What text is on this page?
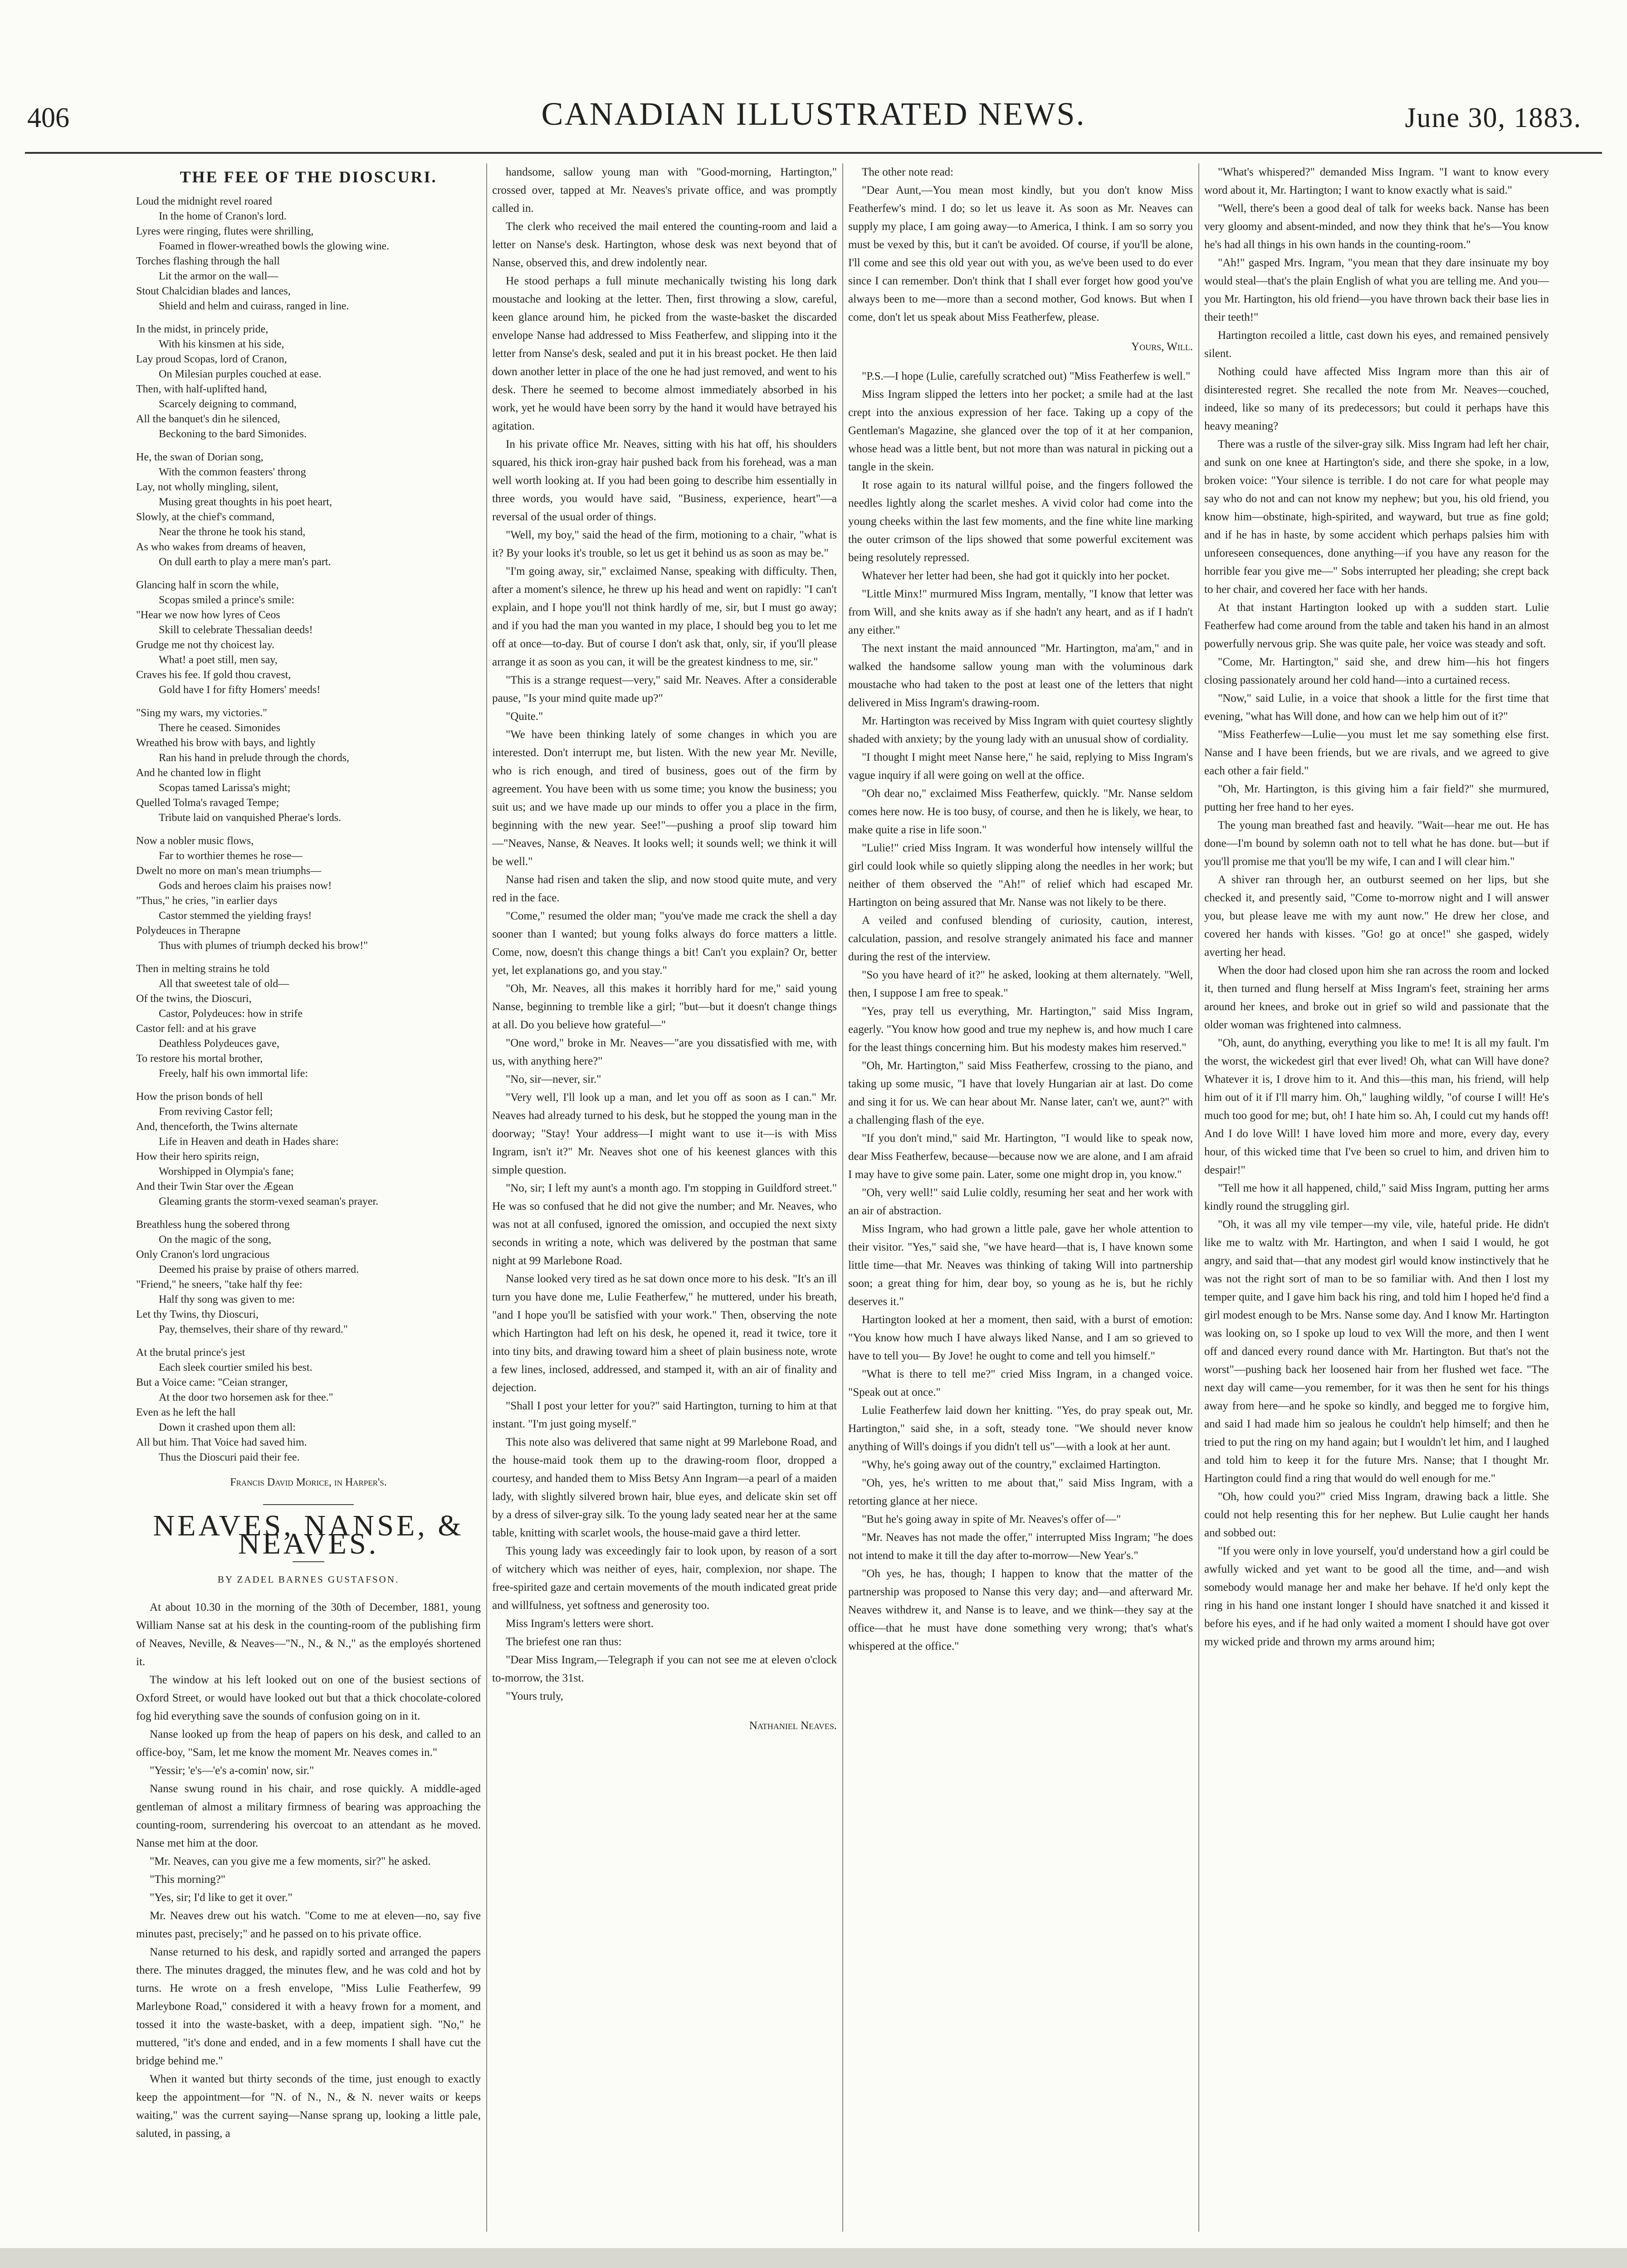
406	CANADIAN ILLUSTRATED NEWS.	June 30, 1883.
THE FEE OF THE DIOSCURI.

Loud the midnight revel roared

In the home of Cranon's lord.

Lyres were ringing, flutes were shrilling,

Foamed in flower-wreathed bowls the glowing wine.

Torches flashing through the hall

Lit the armor on the wall—

Stout Chalcidian blades and lances,

Shield and helm and cuirass, ranged in line.

In the midst, in princely pride,

With his kinsmen at his side,

Lay proud Scopas, lord of Cranon,

On Milesian purples couched at ease.

Then, with half-uplifted hand,

Scarcely deigning to command,

All the banquet's din he silenced,

Beckoning to the bard Simonides.

He, the swan of Dorian song,

With the common feasters' throng

Lay, not wholly mingling, silent,

Musing great thoughts in his poet heart,

Slowly, at the chief's command,

Near the throne he took his stand,

As who wakes from dreams of heaven,

On dull earth to play a mere man's part.

Glancing half in scorn the while,

Scopas smiled a prince's smile:

"Hear we now how lyres of Ceos

Skill to celebrate Thessalian deeds!

Grudge me not thy choicest lay.

What! a poet still, men say,

Craves his fee. If gold thou cravest,

Gold have I for fifty Homers' meeds!

"Sing my wars, my victories."

There he ceased. Simonides

Wreathed his brow with bays, and lightly

Ran his hand in prelude through the chords,

And he chanted low in flight

Scopas tamed Larissa's might;

Quelled Tolma's ravaged Tempe;

Tribute laid on vanquished Pherae's lords.

Now a nobler music flows,

Far to worthier themes he rose—

Dwelt no more on man's mean triumphs—

Gods and heroes claim his praises now!

"Thus," he cries, "in earlier days

Castor stemmed the yielding frays!

Polydeuces in Therapne

Thus with plumes of triumph decked his brow!"

Then in melting strains he told

All that sweetest tale of old—

Of the twins, the Dioscuri,

Castor, Polydeuces: how in strife

Castor fell: and at his grave

Deathless Polydeuces gave,

To restore his mortal brother,

Freely, half his own immortal life:

How the prison bonds of hell

From reviving Castor fell;

And, thenceforth, the Twins alternate

Life in Heaven and death in Hades share:

How their hero spirits reign,

Worshipped in Olympia's fane;

And their Twin Star over the Ægean

Gleaming grants the storm-vexed seaman's prayer.

Breathless hung the sobered throng

On the magic of the song,

Only Cranon's lord ungracious

Deemed his praise by praise of others marred.

"Friend," he sneers, "take half thy fee:

Half thy song was given to me:

Let thy Twins, thy Dioscuri,

Pay, themselves, their share of thy reward."

At the brutal prince's jest

Each sleek courtier smiled his best.

But a Voice came: "Ceian stranger,

At the door two horsemen ask for thee."

Even as he left the hall

Down it crashed upon them all:

All but him. That Voice had saved him.

Thus the Dioscuri paid their fee.

Francis David Morice, in Harper's.
NEAVES, NANSE, & NEAVES.
BY ZADEL BARNES GUSTAFSON.

At about 10.30 in the morning of the 30th of December, 1881, young William Nanse sat at his desk in the counting-room of the publishing firm of Neaves, Neville, & Neaves—"N., N., & N.," as the employés shortened it.

The window at his left looked out on one of the busiest sections of Oxford Street, or would have looked out but that a thick chocolate-colored fog hid everything save the sounds of confusion going on in it.

Nanse looked up from the heap of papers on his desk, and called to an office-boy, "Sam, let me know the moment Mr. Neaves comes in."

"Yessir; 'e's—'e's a-comin' now, sir."

Nanse swung round in his chair, and rose quickly. A middle-aged gentleman of almost a military firmness of bearing was approaching the counting-room, surrendering his overcoat to an attendant as he moved. Nanse met him at the door.

"Mr. Neaves, can you give me a few moments, sir?" he asked.

"This morning?"

"Yes, sir; I'd like to get it over."

Mr. Neaves drew out his watch. "Come to me at eleven—no, say five minutes past, precisely;" and he passed on to his private office.

Nanse returned to his desk, and rapidly sorted and arranged the papers there. The minutes dragged, the minutes flew, and he was cold and hot by turns. He wrote on a fresh envelope, "Miss Lulie Featherfew, 99 Marleybone Road," considered it with a heavy frown for a moment, and tossed it into the waste-basket, with a deep, impatient sigh. "No," he muttered, "it's done and ended, and in a few moments I shall have cut the bridge behind me."

When it wanted but thirty seconds of the time, just enough to exactly keep the appointment—for "N. of N., N., & N. never waits or keeps waiting," was the current saying—Nanse sprang up, looking a little pale, saluted, in passing, a

handsome, sallow young man with "Good-morning, Hartington," crossed over, tapped at Mr. Neaves's private office, and was promptly called in.

The clerk who received the mail entered the counting-room and laid a letter on Nanse's desk. Hartington, whose desk was next beyond that of Nanse, observed this, and drew indolently near.

He stood perhaps a full minute mechanically twisting his long dark moustache and looking at the letter. Then, first throwing a slow, careful, keen glance around him, he picked from the waste-basket the discarded envelope Nanse had addressed to Miss Featherfew, and slipping into it the letter from Nanse's desk, sealed and put it in his breast pocket. He then laid down another letter in place of the one he had just removed, and went to his desk. There he seemed to become almost immediately absorbed in his work, yet he would have been sorry by the hand it would have betrayed his agitation.

In his private office Mr. Neaves, sitting with his hat off, his shoulders squared, his thick iron-gray hair pushed back from his forehead, was a man well worth looking at. If you had been going to describe him essentially in three words, you would have said, "Business, experience, heart"—a reversal of the usual order of things.

"Well, my boy," said the head of the firm, motioning to a chair, "what is it? By your looks it's trouble, so let us get it behind us as soon as may be."

"I'm going away, sir," exclaimed Nanse, speaking with difficulty. Then, after a moment's silence, he threw up his head and went on rapidly: "I can't explain, and I hope you'll not think hardly of me, sir, but I must go away; and if you had the man you wanted in my place, I should beg you to let me off at once—to-day. But of course I don't ask that, only, sir, if you'll please arrange it as soon as you can, it will be the greatest kindness to me, sir."

"This is a strange request—very," said Mr. Neaves. After a considerable pause, "Is your mind quite made up?"

"Quite."

"We have been thinking lately of some changes in which you are interested. Don't interrupt me, but listen. With the new year Mr. Neville, who is rich enough, and tired of business, goes out of the firm by agreement. You have been with us some time; you know the business; you suit us; and we have made up our minds to offer you a place in the firm, beginning with the new year. See!"—pushing a proof slip toward him—"Neaves, Nanse, & Neaves. It looks well; it sounds well; we think it will be well."

Nanse had risen and taken the slip, and now stood quite mute, and very red in the face.

"Come," resumed the older man; "you've made me crack the shell a day sooner than I wanted; but young folks always do force matters a little. Come, now, doesn't this change things a bit! Can't you explain? Or, better yet, let explanations go, and you stay."

"Oh, Mr. Neaves, all this makes it horribly hard for me," said young Nanse, beginning to tremble like a girl; "but—but it doesn't change things at all. Do you believe how grateful—"

"One word," broke in Mr. Neaves—"are you dissatisfied with me, with us, with anything here?"

"No, sir—never, sir."

"Very well, I'll look up a man, and let you off as soon as I can." Mr. Neaves had already turned to his desk, but he stopped the young man in the doorway; "Stay! Your address—I might want to use it—is with Miss Ingram, isn't it?" Mr. Neaves shot one of his keenest glances with this simple question.

"No, sir; I left my aunt's a month ago. I'm stopping in Guildford street." He was so confused that he did not give the number; and Mr. Neaves, who was not at all confused, ignored the omission, and occupied the next sixty seconds in writing a note, which was delivered by the postman that same night at 99 Marlebone Road.

Nanse looked very tired as he sat down once more to his desk. "It's an ill turn you have done me, Lulie Featherfew," he muttered, under his breath, "and I hope you'll be satisfied with your work." Then, observing the note which Hartington had left on his desk, he opened it, read it twice, tore it into tiny bits, and drawing toward him a sheet of plain business note, wrote a few lines, inclosed, addressed, and stamped it, with an air of finality and dejection.

"Shall I post your letter for you?" said Hartington, turning to him at that instant. "I'm just going myself."

This note also was delivered that same night at 99 Marlebone Road, and the house-maid took them up to the drawing-room floor, dropped a courtesy, and handed them to Miss Betsy Ann Ingram—a pearl of a maiden lady, with slightly silvered brown hair, blue eyes, and delicate skin set off by a dress of silver-gray silk. To the young lady seated near her at the same table, knitting with scarlet wools, the house-maid gave a third letter.

This young lady was exceedingly fair to look upon, by reason of a sort of witchery which was neither of eyes, hair, complexion, nor shape. The free-spirited gaze and certain movements of the mouth indicated great pride and willfulness, yet softness and generosity too.

Miss Ingram's letters were short.

The briefest one ran thus:

"Dear Miss Ingram,—Telegraph if you can not see me at eleven o'clock to-morrow, the 31st.

"Yours truly,

Nathaniel Neaves.

The other note read:

"Dear Aunt,—You mean most kindly, but you don't know Miss Featherfew's mind. I do; so let us leave it. As soon as Mr. Neaves can supply my place, I am going away—to America, I think. I am so sorry you must be vexed by this, but it can't be avoided. Of course, if you'll be alone, I'll come and see this old year out with you, as we've been used to do ever since I can remember. Don't think that I shall ever forget how good you've always been to me—more than a second mother, God knows. But when I come, don't let us speak about Miss Featherfew, please.

Yours, Will.

"P.S.—I hope (Lulie, carefully scratched out) "Miss Featherfew is well."

Miss Ingram slipped the letters into her pocket; a smile had at the last crept into the anxious expression of her face. Taking up a copy of the Gentleman's Magazine, she glanced over the top of it at her companion, whose head was a little bent, but not more than was natural in picking out a tangle in the skein.

It rose again to its natural willful poise, and the fingers followed the needles lightly along the scarlet meshes. A vivid color had come into the young cheeks within the last few moments, and the fine white line marking the outer crimson of the lips showed that some powerful excitement was being resolutely repressed.

Whatever her letter had been, she had got it quickly into her pocket.

"Little Minx!" murmured Miss Ingram, mentally, "I know that letter was from Will, and she knits away as if she hadn't any heart, and as if I hadn't any either."

The next instant the maid announced "Mr. Hartington, ma'am," and in walked the handsome sallow young man with the voluminous dark moustache who had taken to the post at least one of the letters that night delivered in Miss Ingram's drawing-room.

Mr. Hartington was received by Miss Ingram with quiet courtesy slightly shaded with anxiety; by the young lady with an unusual show of cordiality.

"I thought I might meet Nanse here," he said, replying to Miss Ingram's vague inquiry if all were going on well at the office.

"Oh dear no," exclaimed Miss Featherfew, quickly. "Mr. Nanse seldom comes here now. He is too busy, of course, and then he is likely, we hear, to make quite a rise in life soon."

"Lulie!" cried Miss Ingram. It was wonderful how intensely willful the girl could look while so quietly slipping along the needles in her work; but neither of them observed the "Ah!" of relief which had escaped Mr. Hartington on being assured that Mr. Nanse was not likely to be there.

A veiled and confused blending of curiosity, caution, interest, calculation, passion, and resolve strangely animated his face and manner during the rest of the interview.

"So you have heard of it?" he asked, looking at them alternately. "Well, then, I suppose I am free to speak."

"Yes, pray tell us everything, Mr. Hartington," said Miss Ingram, eagerly. "You know how good and true my nephew is, and how much I care for the least things concerning him. But his modesty makes him reserved."

"Oh, Mr. Hartington," said Miss Featherfew, crossing to the piano, and taking up some music, "I have that lovely Hungarian air at last. Do come and sing it for us. We can hear about Mr. Nanse later, can't we, aunt?" with a challenging flash of the eye.

"If you don't mind," said Mr. Hartington, "I would like to speak now, dear Miss Featherfew, because—because now we are alone, and I am afraid I may have to give some pain. Later, some one might drop in, you know."

"Oh, very well!" said Lulie coldly, resuming her seat and her work with an air of abstraction.

Miss Ingram, who had grown a little pale, gave her whole attention to their visitor. "Yes," said she, "we have heard—that is, I have known some little time—that Mr. Neaves was thinking of taking Will into partnership soon; a great thing for him, dear boy, so young as he is, but he richly deserves it."

Hartington looked at her a moment, then said, with a burst of emotion: "You know how much I have always liked Nanse, and I am so grieved to have to tell you— By Jove! he ought to come and tell you himself."

"What is there to tell me?" cried Miss Ingram, in a changed voice. "Speak out at once."

Lulie Featherfew laid down her knitting. "Yes, do pray speak out, Mr. Hartington," said she, in a soft, steady tone. "We should never know anything of Will's doings if you didn't tell us"—with a look at her aunt.

"Why, he's going away out of the country," exclaimed Hartington.

"Oh, yes, he's written to me about that," said Miss Ingram, with a retorting glance at her niece.

"But he's going away in spite of Mr. Neaves's offer of—"

"Mr. Neaves has not made the offer," interrupted Miss Ingram; "he does not intend to make it till the day after to-morrow—New Year's."

"Oh yes, he has, though; I happen to know that the matter of the partnership was proposed to Nanse this very day; and—and afterward Mr. Neaves withdrew it, and Nanse is to leave, and we think—they say at the office—that he must have done something very wrong; that's what's whispered at the office."

"What's whispered?" demanded Miss Ingram. "I want to know every word about it, Mr. Hartington; I want to know exactly what is said."

"Well, there's been a good deal of talk for weeks back. Nanse has been very gloomy and absent-minded, and now they think that he's—You know he's had all things in his own hands in the counting-room."

"Ah!" gasped Mrs. Ingram, "you mean that they dare insinuate my boy would steal—that's the plain English of what you are telling me. And you—you Mr. Hartington, his old friend—you have thrown back their base lies in their teeth!"

Hartington recoiled a little, cast down his eyes, and remained pensively silent.

Nothing could have affected Miss Ingram more than this air of disinterested regret. She recalled the note from Mr. Neaves—couched, indeed, like so many of its predecessors; but could it perhaps have this heavy meaning?

There was a rustle of the silver-gray silk. Miss Ingram had left her chair, and sunk on one knee at Hartington's side, and there she spoke, in a low, broken voice: "Your silence is terrible. I do not care for what people may say who do not and can not know my nephew; but you, his old friend, you know him—obstinate, high-spirited, and wayward, but true as fine gold; and if he has in haste, by some accident which perhaps palsies him with unforeseen consequences, done anything—if you have any reason for the horrible fear you give me—" Sobs interrupted her pleading; she crept back to her chair, and covered her face with her hands.

At that instant Hartington looked up with a sudden start. Lulie Featherfew had come around from the table and taken his hand in an almost powerfully nervous grip. She was quite pale, her voice was steady and soft.

"Come, Mr. Hartington," said she, and drew him—his hot fingers closing passionately around her cold hand—into a curtained recess.

"Now," said Lulie, in a voice that shook a little for the first time that evening, "what has Will done, and how can we help him out of it?"

"Miss Featherfew—Lulie—you must let me say something else first. Nanse and I have been friends, but we are rivals, and we agreed to give each other a fair field."

"Oh, Mr. Hartington, is this giving him a fair field?" she murmured, putting her free hand to her eyes.

The young man breathed fast and heavily. "Wait—hear me out. He has done—I'm bound by solemn oath not to tell what he has done. but—but if you'll promise me that you'll be my wife, I can and I will clear him."

A shiver ran through her, an outburst seemed on her lips, but she checked it, and presently said, "Come to-morrow night and I will answer you, but please leave me with my aunt now." He drew her close, and covered her hands with kisses. "Go! go at once!" she gasped, widely averting her head.

When the door had closed upon him she ran across the room and locked it, then turned and flung herself at Miss Ingram's feet, straining her arms around her knees, and broke out in grief so wild and passionate that the older woman was frightened into calmness.

"Oh, aunt, do anything, everything you like to me! It is all my fault. I'm the worst, the wickedest girl that ever lived! Oh, what can Will have done? Whatever it is, I drove him to it. And this—this man, his friend, will help him out of it if I'll marry him. Oh," laughing wildly, "of course I will! He's much too good for me; but, oh! I hate him so. Ah, I could cut my hands off! And I do love Will! I have loved him more and more, every day, every hour, of this wicked time that I've been so cruel to him, and driven him to despair!"

"Tell me how it all happened, child," said Miss Ingram, putting her arms kindly round the struggling girl.

"Oh, it was all my vile temper—my vile, vile, hateful pride. He didn't like me to waltz with Mr. Hartington, and when I said I would, he got angry, and said that—that any modest girl would know instinctively that he was not the right sort of man to be so familiar with. And then I lost my temper quite, and I gave him back his ring, and told him I hoped he'd find a girl modest enough to be Mrs. Nanse some day. And I know Mr. Hartington was looking on, so I spoke up loud to vex Will the more, and then I went off and danced every round dance with Mr. Hartington. But that's not the worst"—pushing back her loosened hair from her flushed wet face. "The next day will came—you remember, for it was then he sent for his things away from here—and he spoke so kindly, and begged me to forgive him, and said I had made him so jealous he couldn't help himself; and then he tried to put the ring on my hand again; but I wouldn't let him, and I laughed and told him to keep it for the future Mrs. Nanse; that I thought Mr. Hartington could find a ring that would do well enough for me."

"Oh, how could you?" cried Miss Ingram, drawing back a little. She could not help resenting this for her nephew. But Lulie caught her hands and sobbed out:

"If you were only in love yourself, you'd understand how a girl could be awfully wicked and yet want to be good all the time, and—and wish somebody would manage her and make her behave. If he'd only kept the ring in his hand one instant longer I should have snatched it and kissed it before his eyes, and if he had only waited a moment I should have got over my wicked pride and thrown my arms around him;
